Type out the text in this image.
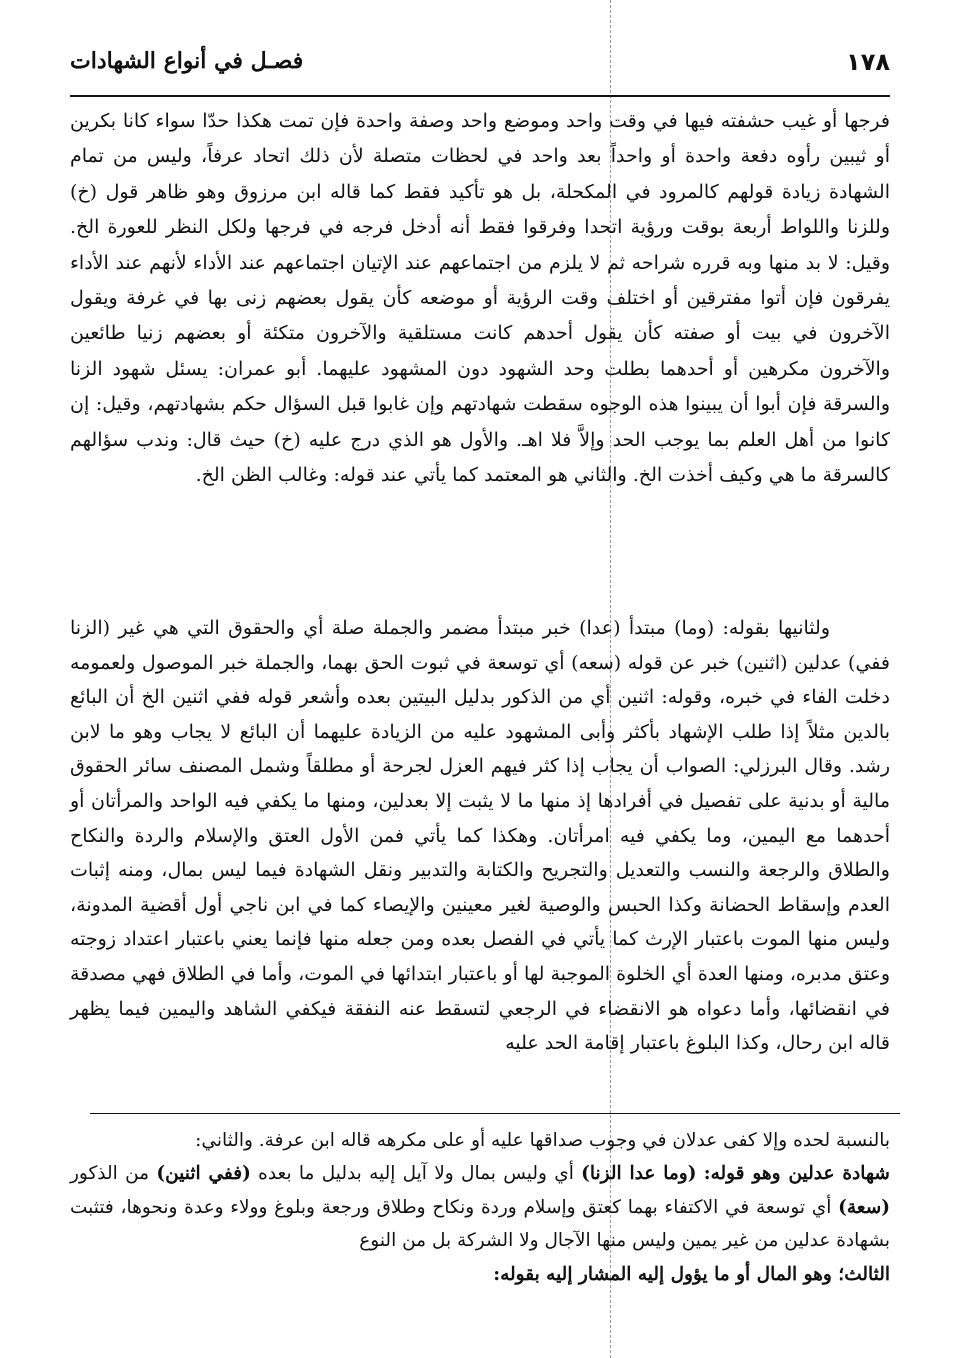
١٧٨
فصـل في أنواع الشهادات

فرجها أو غيب حشفته فيها في وقت واحد وموضع واحد وصفة واحدة فإن تمت هكذا حدّا سواء كانا بكرين أو ثيبين رأوه دفعة واحدة أو واحداً بعد واحد في لحظات متصلة لأن ذلك اتحاد عرفاً، وليس من تمام الشهادة زيادة قولهم كالمرود في المكحلة، بل هو تأكيد فقط كما قاله ابن مرزوق وهو ظاهر قول (خ) وللزنا واللواط أربعة بوقت ورؤية اتحدا وفرقوا فقط أنه أدخل فرجه في فرجها ولكل النظر للعورة الخ. وقيل: لا بد منها وبه قرره شراحه ثم لا يلزم من اجتماعهم عند الإتيان اجتماعهم عند الأداء لأنهم عند الأداء يفرقون فإن أتوا مفترقين أو اختلف وقت الرؤية أو موضعه كأن يقول بعضهم زنى بها في غرفة ويقول الآخرون في بيت أو صفته كأن يقول أحدهم كانت مستلقية والآخرون متكئة أو بعضهم زنيا طائعين والآخرون مكرهين أو أحدهما بطلت وحد الشهود دون المشهود عليهما. أبو عمران: يسئل شهود الزنا والسرقة فإن أبوا أن يبينوا هذه الوجوه سقطت شهادتهم وإن غابوا قبل السؤال حكم بشهادتهم، وقيل: إن كانوا من أهل العلم بما يوجب الحد وإلاَّ فلا اهـ. والأول هو الذي درج عليه (خ) حيث قال: وندب سؤالهم كالسرقة ما هي وكيف أخذت الخ. والثاني هو المعتمد كما يأتي عند قوله: وغالب الظن الخ.

ولثانيها بقوله: (وما) مبتدأ (عدا) خبر مبتدأ مضمر والجملة صلة أي والحقوق التي هي غير (الزنا ففي) عدلين (اثنين) خبر عن قوله (سعه) أي توسعة في ثبوت الحق بهما، والجملة خبر الموصول ولعمومه دخلت الفاء في خبره، وقوله: اثنين أي من الذكور بدليل البيتين بعده وأشعر قوله ففي اثنين الخ أن البائع بالدين مثلاً إذا طلب الإشهاد بأكثر وأبى المشهود عليه من الزيادة عليهما أن البائع لا يجاب وهو ما لابن رشد. وقال البرزلي: الصواب أن يجاب إذا كثر فيهم العزل لجرحة أو مطلقاً وشمل المصنف سائر الحقوق مالية أو بدنية على تفصيل في أفرادها إذ منها ما لا يثبت إلا بعدلين، ومنها ما يكفي فيه الواحد والمرأتان أو أحدهما مع اليمين، وما يكفي فيه امرأتان. وهكذا كما يأتي فمن الأول العتق والإسلام والردة والنكاح والطلاق والرجعة والنسب والتعديل والتجريح والكتابة والتدبير ونقل الشهادة فيما ليس بمال، ومنه إثبات العدم وإسقاط الحضانة وكذا الحبس والوصية لغير معينين والإيصاء كما في ابن ناجي أول أقضية المدونة، وليس منها الموت باعتبار الإرث كما يأتي في الفصل بعده ومن جعله منها فإنما يعني باعتبار اعتداد زوجته وعتق مدبره، ومنها العدة أي الخلوة الموجبة لها أو باعتبار ابتدائها في الموت، وأما في الطلاق فهي مصدقة في انقضائها، وأما دعواه هو الانقضاء في الرجعي لتسقط عنه النفقة فيكفي الشاهد واليمين فيما يظهر قاله ابن رحال، وكذا البلوغ باعتبار إقامة الحد عليه

بالنسبة لحده وإلا كفى عدلان في وجوب صداقها عليه أو على مكرهه قاله ابن عرفة. والثاني:
شهادة عدلين وهو قوله: (وما عدا الزنا) أي وليس بمال ولا آيل إليه بدليل ما بعده (ففي اثنين) من الذكور (سعة) أي توسعة في الاكتفاء بهما كعتق وإسلام وردة ونكاح وطلاق ورجعة وبلوغ وولاء وعدة ونحوها، فتثبت بشهادة عدلين من غير يمين وليس منها الآجال ولا الشركة بل من النوع
الثالث؛ وهو المال أو ما يؤول إليه المشار إليه بقوله:
